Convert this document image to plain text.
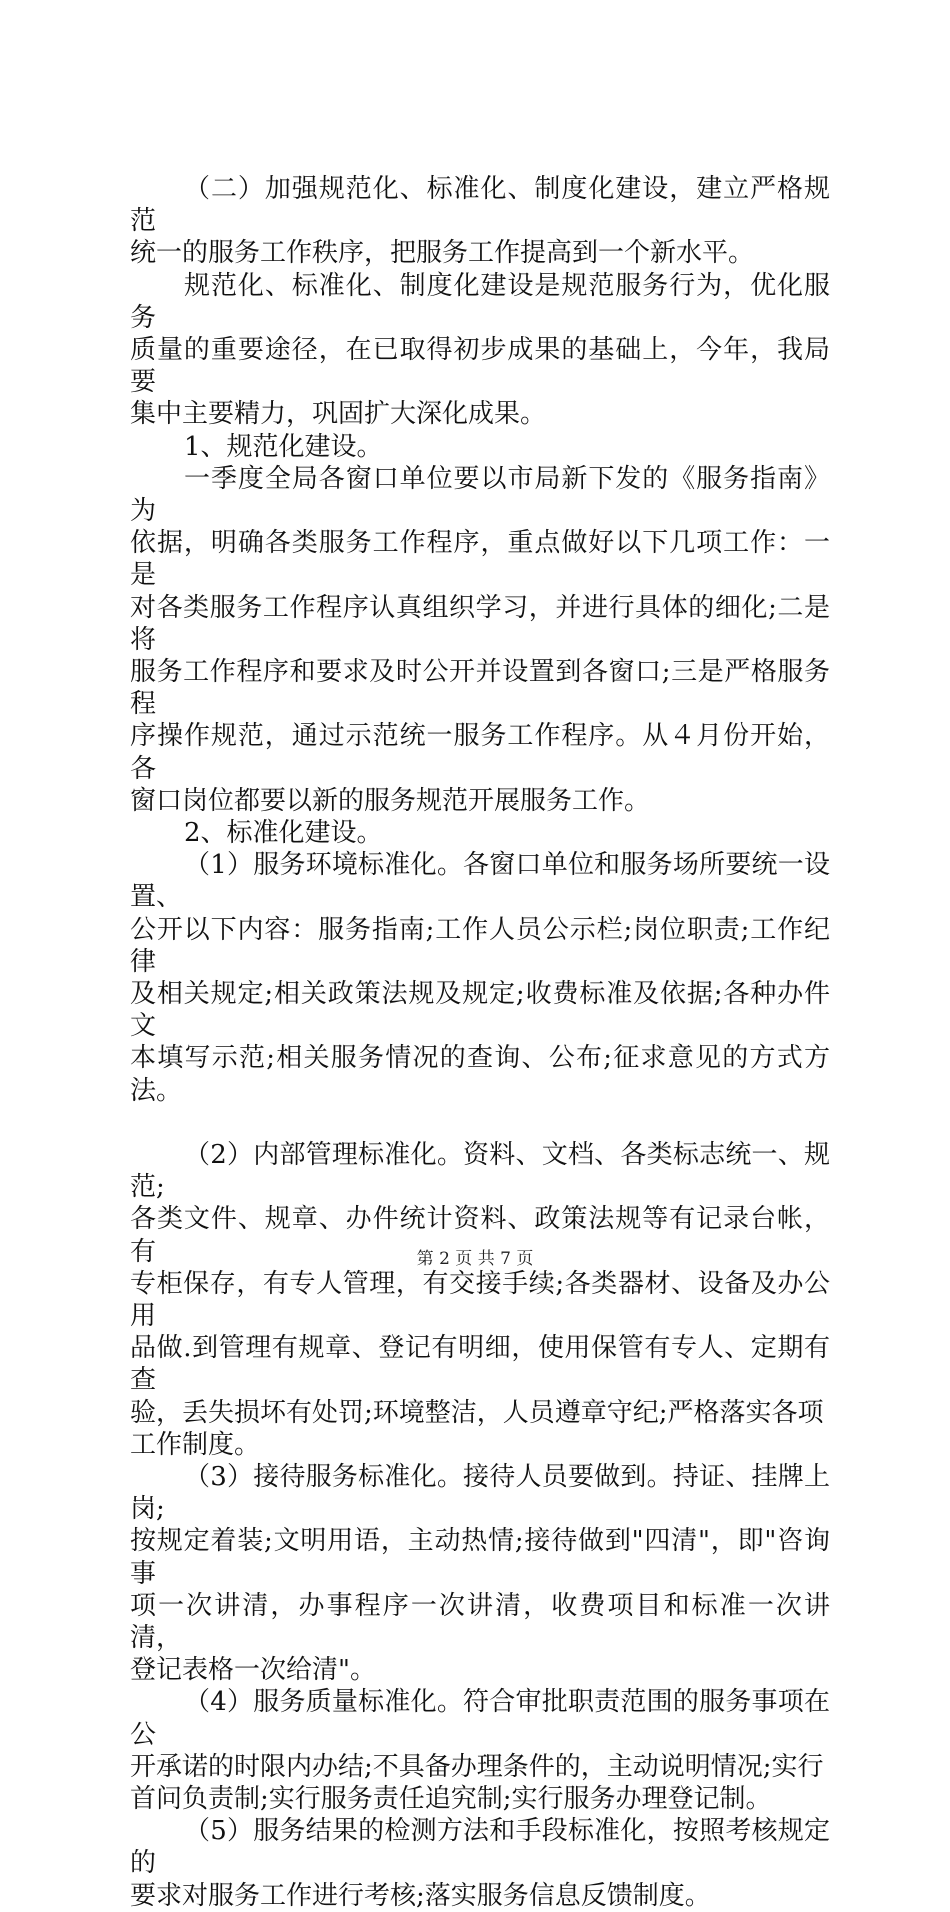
（二）加强规范化、标准化、制度化建设，建立严格规范
统一的服务工作秩序，把服务工作提高到一个新水平。

规范化、标准化、制度化建设是规范服务行为，优化服务
质量的重要途径，在已取得初步成果的基础上，今年，我局要
集中主要精力，巩固扩大深化成果。

1、规范化建设。

一季度全局各窗口单位要以市局新下发的《服务指南》为
依据，明确各类服务工作程序，重点做好以下几项工作：一是
对各类服务工作程序认真组织学习，并进行具体的细化;二是将
服务工作程序和要求及时公开并设置到各窗口;三是严格服务程
序操作规范，通过示范统一服务工作程序。从４月份开始，各
窗口岗位都要以新的服务规范开展服务工作。

2、标准化建设。

（1）服务环境标准化。各窗口单位和服务场所要统一设置、
公开以下内容：服务指南;工作人员公示栏;岗位职责;工作纪律
及相关规定;相关政策法规及规定;收费标准及依据;各种办件文
本填写示范;相关服务情况的查询、公布;征求意见的方式方法。

（2）内部管理标准化。资料、文档、各类标志统一、规范;
各类文件、规章、办件统计资料、政策法规等有记录台帐，有
专柜保存，有专人管理，有交接手续;各类器材、设备及办公用
品做.到管理有规章、登记有明细，使用保管有专人、定期有查
验，丢失损坏有处罚;环境整洁，人员遵章守纪;严格落实各项
工作制度。

（3）接待服务标准化。接待人员要做到。持证、挂牌上岗;
按规定着装;文明用语，主动热情;接待做到"四清"，即"咨询事
项一次讲清，办事程序一次讲清，收费项目和标准一次讲清，
登记表格一次给清"。

（4）服务质量标准化。符合审批职责范围的服务事项在公
开承诺的时限内办结;不具备办理条件的，主动说明情况;实行
首问负责制;实行服务责任追究制;实行服务办理登记制。

（5）服务结果的检测方法和手段标准化，按照考核规定的
要求对服务工作进行考核;落实服务信息反馈制度。

第 2 页 共 7 页
